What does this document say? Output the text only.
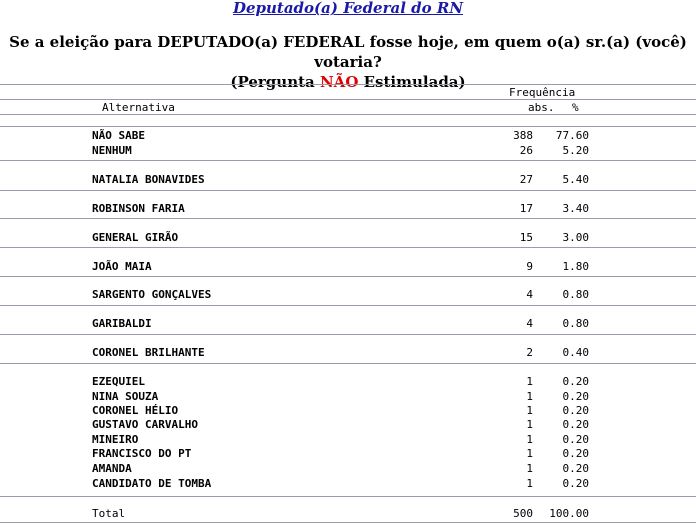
Deputado(a) Federal do RN
Se a eleição para DEPUTADO(a) FEDERAL fosse hoje, em quem o(a) sr.(a) (você) votaria?
(Pergunta NÃO Estimulada)
Frequência
Alternativa	abs. %
NÃO SABE	388 77.60
NENHUM	26	5.20
NATALIA BONAVIDES	27	5.40
ROBINSON FARIA	17	3.40
GENERAL GIRÃO	15	3.00
JOÃO MAIA	9	1.80
SARGENTO GONÇALVES	4	0.80
GARIBALDI	4	0.80
CORONEL BRILHANTE	2	0.40
EZEQUIEL	1	0.20
NINA SOUZA	1	0.20
CORONEL HÉLIO	1	0.20
GUSTAVO CARVALHO	1	0.20
MINEIRO	1	0.20
FRANCISCO DO PT	1	0.20
AMANDA	1	0.20
CANDIDATO DE TOMBA	1	0.20
Total	500 100.00
